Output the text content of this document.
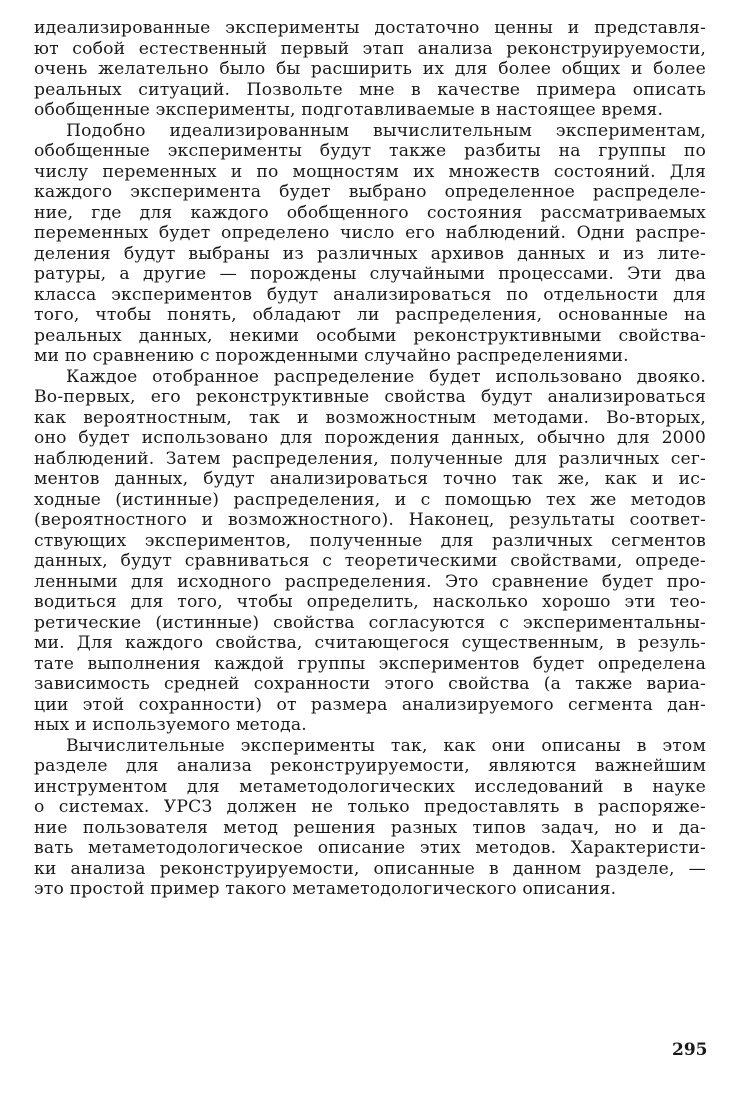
идеализированные эксперименты достаточно ценны и представля-
ют собой естественный первый этап анализа реконструируемости,
очень желательно было бы расширить их для более общих и более
реальных ситуаций. Позвольте мне в качестве примера описать
обобщенные эксперименты, подготавливаемые в настоящее время.
Подобно идеализированным вычислительным экспериментам,
обобщенные эксперименты будут также разбиты на группы по
числу переменных и по мощностям их множеств состояний. Для
каждого эксперимента будет выбрано определенное распределе-
ние, где для каждого обобщенного состояния рассматриваемых
переменных будет определено число его наблюдений. Одни распре-
деления будут выбраны из различных архивов данных и из лите-
ратуры, а другие — порождены случайными процессами. Эти два
класса экспериментов будут анализироваться по отдельности для
того, чтобы понять, обладают ли распределения, основанные на
реальных данных, некими особыми реконструктивными свойства-
ми по сравнению с порожденными случайно распределениями.
Каждое отобранное распределение будет использовано двояко.
Во-первых, его реконструктивные свойства будут анализироваться
как вероятностным, так и возможностным методами. Во-вторых,
оно будет использовано для порождения данных, обычно для 2000
наблюдений. Затем распределения, полученные для различных сег-
ментов данных, будут анализироваться точно так же, как и ис-
ходные (истинные) распределения, и с помощью тех же методов
(вероятностного и возможностного). Наконец, результаты соответ-
ствующих экспериментов, полученные для различных сегментов
данных, будут сравниваться с теоретическими свойствами, опреде-
ленными для исходного распределения. Это сравнение будет про-
водиться для того, чтобы определить, насколько хорошо эти тео-
ретические (истинные) свойства согласуются с экспериментальны-
ми. Для каждого свойства, считающегося существенным, в резуль-
тате выполнения каждой группы экспериментов будет определена
зависимость средней сохранности этого свойства (а также вариа-
ции этой сохранности) от размера анализируемого сегмента дан-
ных и используемого метода.
Вычислительные эксперименты так, как они описаны в этом
разделе для анализа реконструируемости, являются важнейшим
инструментом для метаметодологических исследований в науке
о системах. УРСЗ должен не только предоставлять в распоряже-
ние пользователя метод решения разных типов задач, но и да-
вать метаметодологическое описание этих методов. Характеристи-
ки анализа реконструируемости, описанные в данном разделе, —
это простой пример такого метаметодологического описания.
295
